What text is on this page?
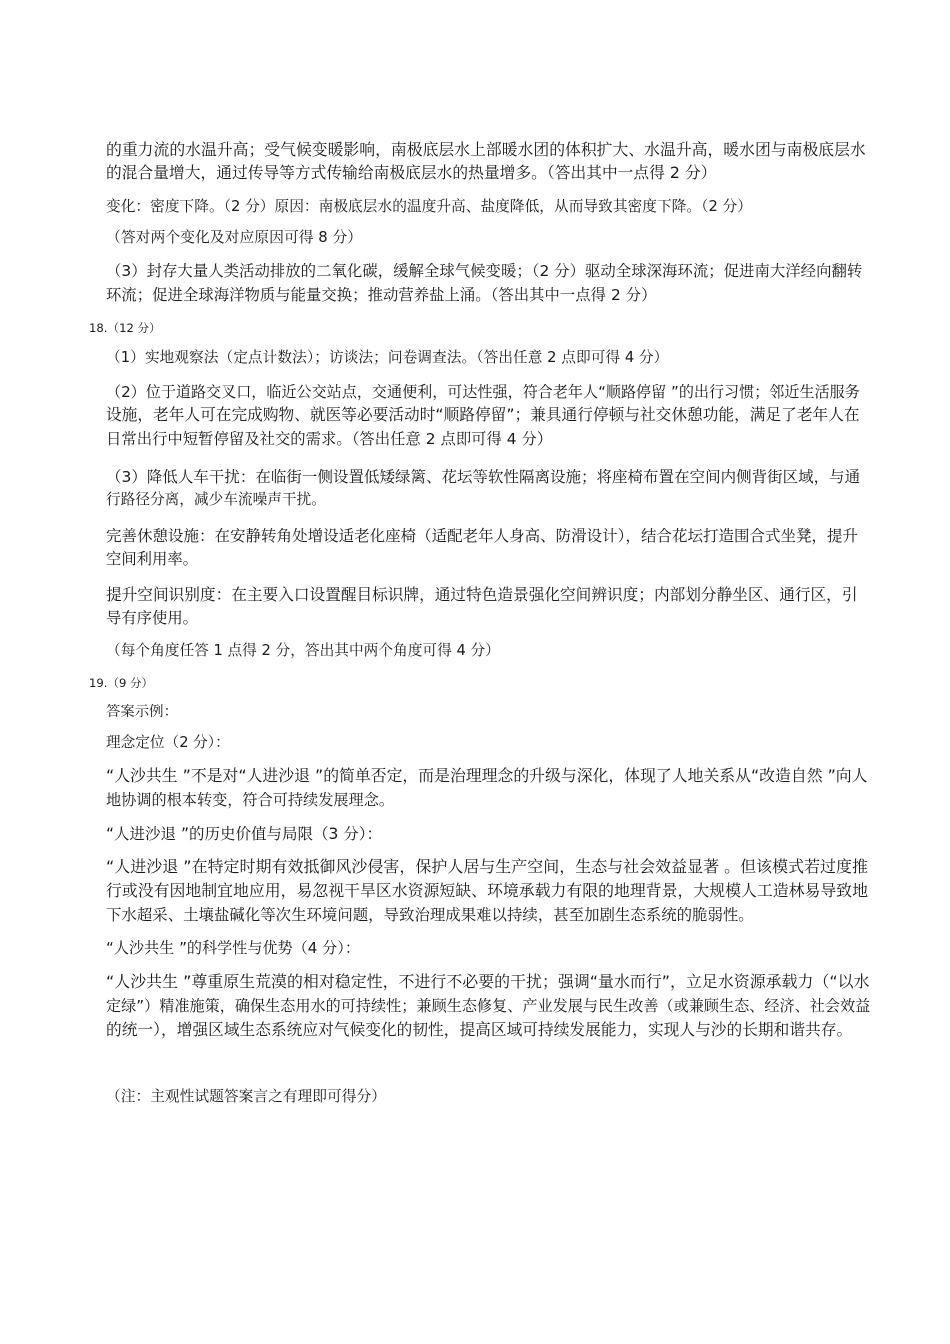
的重力流的水温升高；受气候变暖影响，南极底层水上部暖水团的体积扩大、水温升高，暖水团与南极底层水
的混合量增大，通过传导等方式传输给南极底层水的热量增多。（答出其中一点得 2 分）
变化：密度下降。（2 分）原因：南极底层水的温度升高、盐度降低，从而导致其密度下降。（2 分）
（答对两个变化及对应原因可得 8 分）
（3）封存大量人类活动排放的二氧化碳，缓解全球气候变暖；（2 分）驱动全球深海环流；促进南大洋经向翻转
环流；促进全球海洋物质与能量交换；推动营养盐上涌。（答出其中一点得 2 分）
18.（12 分）
（1）实地观察法（定点计数法）；访谈法；问卷调查法。（答出任意 2 点即可得 4 分）
（2）位于道路交叉口，临近公交站点，交通便利，可达性强，符合老年人“顺路停留 ”的出行习惯；邻近生活服务
设施，老年人可在完成购物、就医等必要活动时“顺路停留”；兼具通行停顿与社交休憩功能，满足了老年人在
日常出行中短暂停留及社交的需求。（答出任意 2 点即可得 4 分）
（3）降低人车干扰：在临街一侧设置低矮绿篱、花坛等软性隔离设施；将座椅布置在空间内侧背街区域，与通
行路径分离，减少车流噪声干扰。
完善休憩设施：在安静转角处增设适老化座椅（适配老年人身高、防滑设计），结合花坛打造围合式坐凳，提升
空间利用率。
提升空间识别度：在主要入口设置醒目标识牌，通过特色造景强化空间辨识度；内部划分静坐区、通行区，引
导有序使用。
（每个角度任答 1 点得 2 分，答出其中两个角度可得 4 分）
19.（9 分）
答案示例：
理念定位（2 分）：
“人沙共生 ”不是对“人进沙退 ”的简单否定，而是治理理念的升级与深化，体现了人地关系从“改造自然 ”向人
地协调的根本转变，符合可持续发展理念。
“人进沙退 ”的历史价值与局限（3 分）：
“人进沙退 ”在特定时期有效抵御风沙侵害，保护人居与生产空间，生态与社会效益显著 。但该模式若过度推
行或没有因地制宜地应用，易忽视干旱区水资源短缺、环境承载力有限的地理背景，大规模人工造林易导致地
下水超采、土壤盐碱化等次生环境问题，导致治理成果难以持续，甚至加剧生态系统的脆弱性。
“人沙共生 ”的科学性与优势（4 分）：
“人沙共生 ”尊重原生荒漠的相对稳定性，不进行不必要的干扰；强调“量水而行”，立足水资源承载力（“以水
定绿”）精准施策，确保生态用水的可持续性；兼顾生态修复、产业发展与民生改善（或兼顾生态、经济、社会效益
的统一），增强区域生态系统应对气候变化的韧性，提高区域可持续发展能力，实现人与沙的长期和谐共存。
（注：主观性试题答案言之有理即可得分）
